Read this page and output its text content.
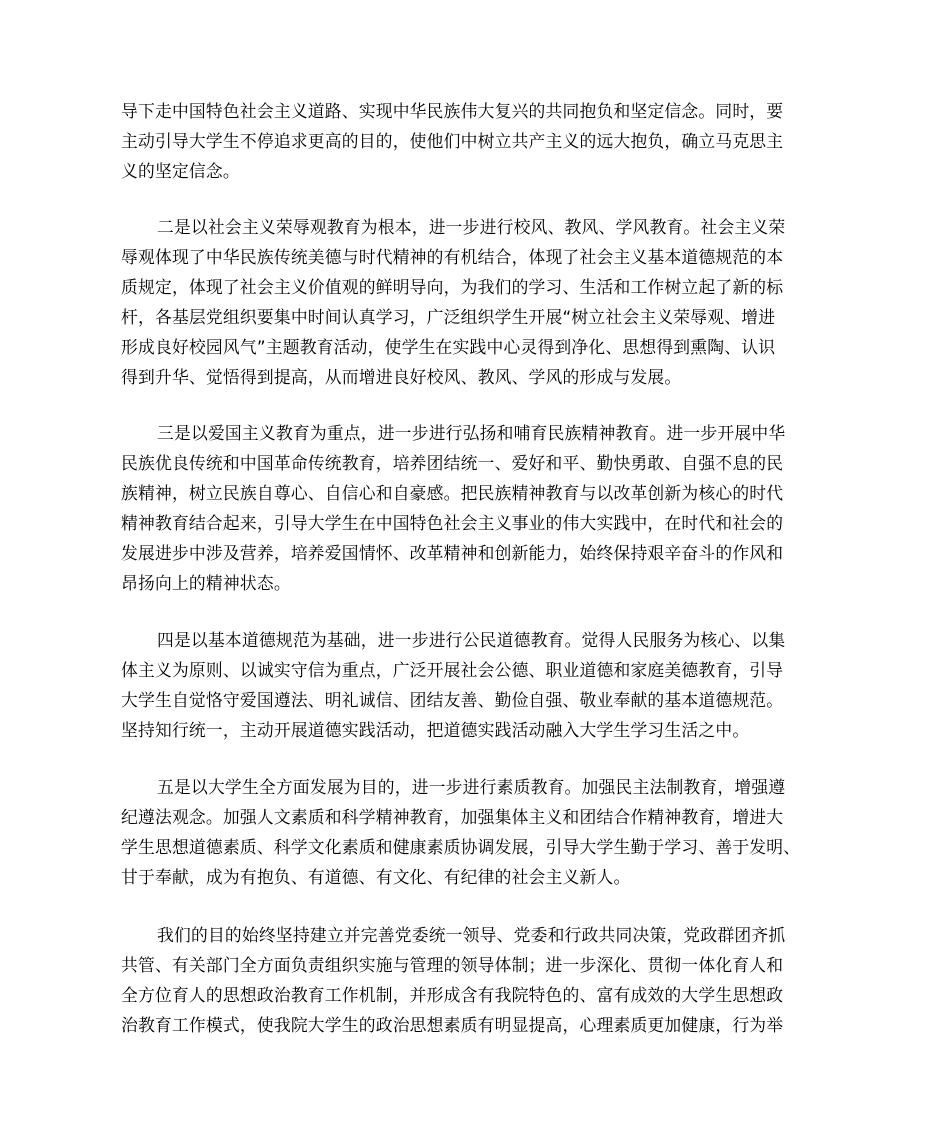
导下走中国特色社会主义道路、实现中华民族伟大复兴的共同抱负和坚定信念。同时，要
主动引导大学生不停追求更高的目的，使他们中树立共产主义的远大抱负，确立马克思主
义的坚定信念。
二是以社会主义荣辱观教育为根本，进一步进行校风、教风、学风教育。社会主义荣
辱观体现了中华民族传统美德与时代精神的有机结合，体现了社会主义基本道德规范的本
质规定，体现了社会主义价值观的鲜明导向，为我们的学习、生活和工作树立起了新的标
杆，各基层党组织要集中时间认真学习，广泛组织学生开展“树立社会主义荣辱观、增进
形成良好校园风气”主题教育活动，使学生在实践中心灵得到净化、思想得到熏陶、认识
得到升华、觉悟得到提高，从而增进良好校风、教风、学风的形成与发展。
三是以爱国主义教育为重点，进一步进行弘扬和哺育民族精神教育。进一步开展中华
民族优良传统和中国革命传统教育，培养团结统一、爱好和平、勤快勇敢、自强不息的民
族精神，树立民族自尊心、自信心和自豪感。把民族精神教育与以改革创新为核心的时代
精神教育结合起来，引导大学生在中国特色社会主义事业的伟大实践中，在时代和社会的
发展进步中涉及营养，培养爱国情怀、改革精神和创新能力，始终保持艰辛奋斗的作风和
昂扬向上的精神状态。
四是以基本道德规范为基础，进一步进行公民道德教育。觉得人民服务为核心、以集
体主义为原则、以诚实守信为重点，广泛开展社会公德、职业道德和家庭美德教育，引导
大学生自觉恪守爱国遵法、明礼诚信、团结友善、勤俭自强、敬业奉献的基本道德规范。
坚持知行统一，主动开展道德实践活动，把道德实践活动融入大学生学习生活之中。
五是以大学生全方面发展为目的，进一步进行素质教育。加强民主法制教育，增强遵
纪遵法观念。加强人文素质和科学精神教育，加强集体主义和团结合作精神教育，增进大
学生思想道德素质、科学文化素质和健康素质协调发展，引导大学生勤于学习、善于发明、
甘于奉献，成为有抱负、有道德、有文化、有纪律的社会主义新人。
我们的目的始终坚持建立并完善党委统一领导、党委和行政共同决策，党政群团齐抓
共管、有关部门全方面负责组织实施与管理的领导体制；进一步深化、贯彻一体化育人和
全方位育人的思想政治教育工作机制，并形成含有我院特色的、富有成效的大学生思想政
治教育工作模式，使我院大学生的政治思想素质有明显提高，心理素质更加健康，行为举
